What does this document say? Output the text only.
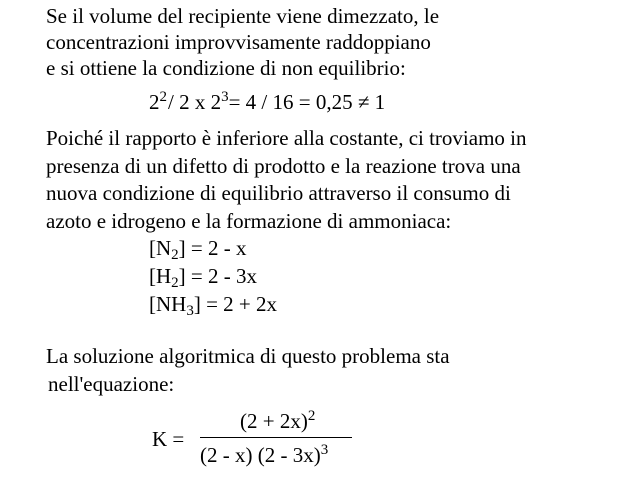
Se il volume del recipiente viene dimezzato, le
concentrazioni improvvisamente raddoppiano
e si ottiene la condizione di non equilibrio:

$2^2/$ 2 x $2^3= 4 / 16 = 0,25 \ne 1$

Poiché il rapporto è inferiore alla costante, ci troviamo in
presenza di un difetto di prodotto e la reazione trova una
nuova condizione di equilibrio attraverso il consumo di
azoto e idrogeno e la formazione di ammoniaca:

$[N_2] = 2 - x$
$[H_2] = 2 - 3x$
$[NH_3] = 2 + 2x$

La soluzione algoritmica di questo problema sta
nell'equazione:

K =
$(2 + 2x)^2$
(2 - x) (2 - 3x)$^3$
